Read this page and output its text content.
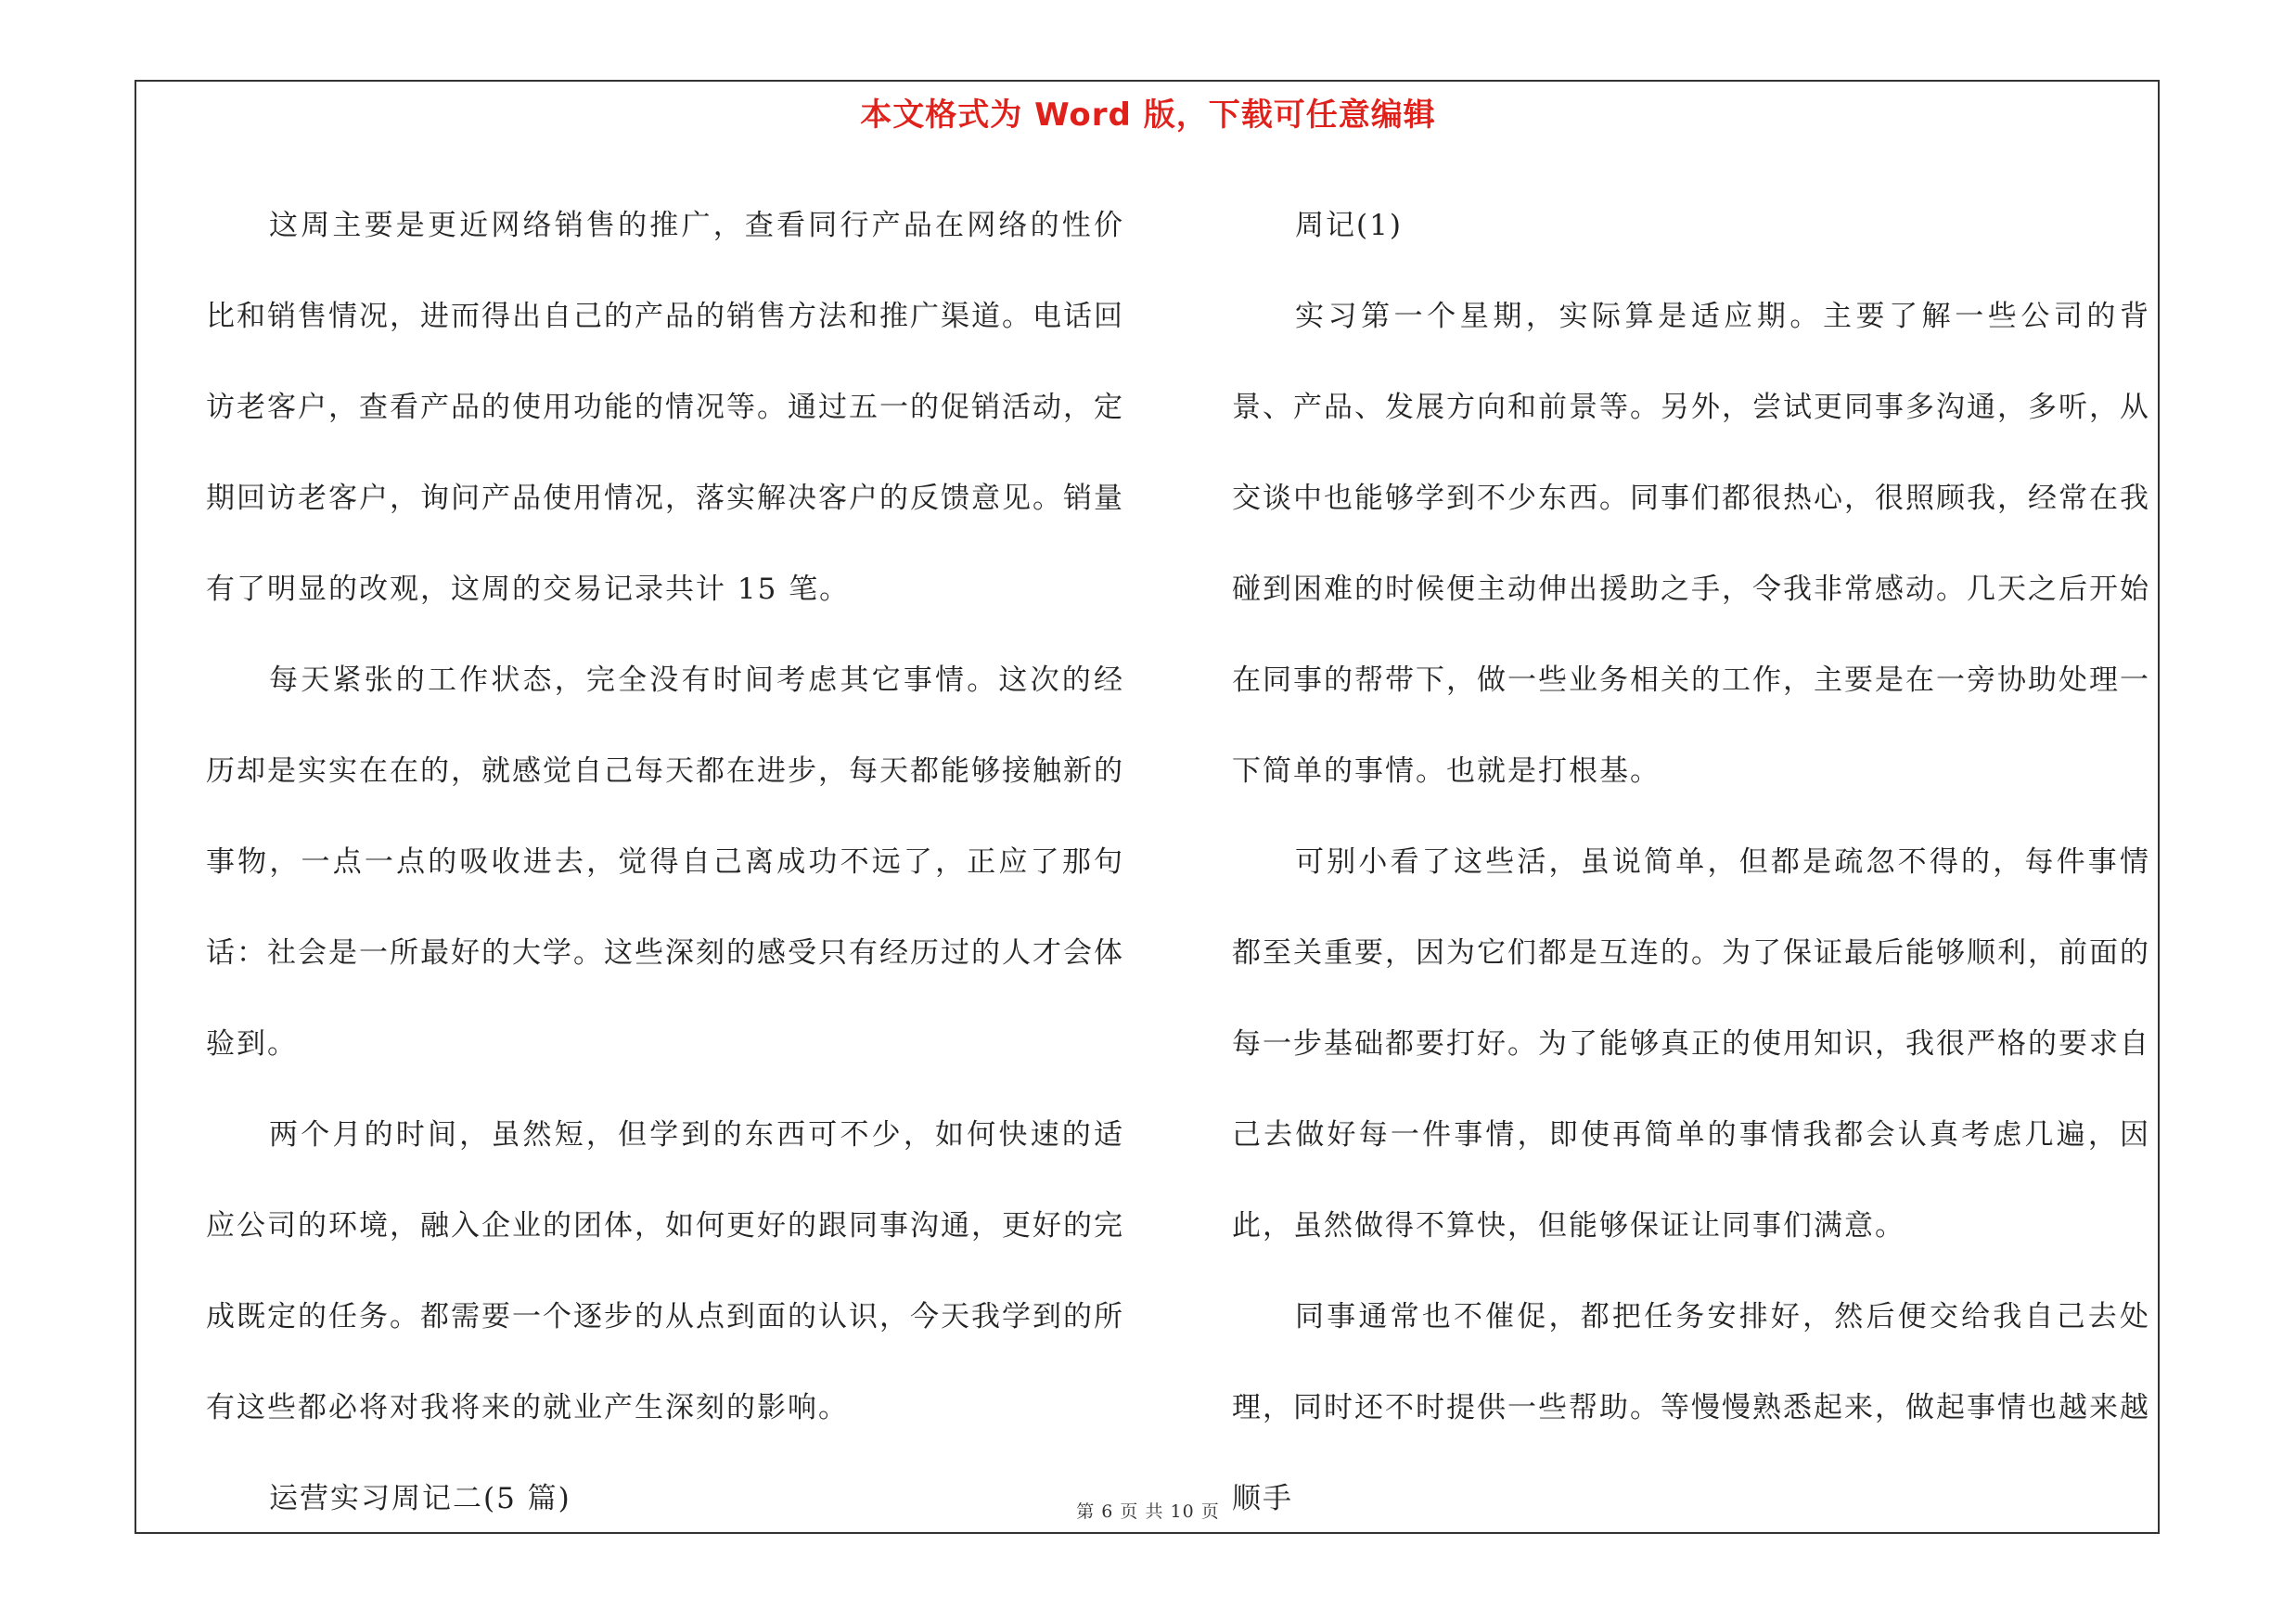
本文格式为 Word 版，下载可任意编辑

这周主要是更近网络销售的推广，查看同行产品在网络的性价比和销售情况，进而得出自己的产品的销售方法和推广渠道。电话回访老客户，查看产品的使用功能的情况等。通过五一的促销活动，定期回访老客户，询问产品使用情况，落实解决客户的反馈意见。销量有了明显的改观，这周的交易记录共计 15 笔。

每天紧张的工作状态，完全没有时间考虑其它事情。这次的经历却是实实在在的，就感觉自己每天都在进步，每天都能够接触新的事物，一点一点的吸收进去，觉得自己离成功不远了，正应了那句话：社会是一所最好的大学。这些深刻的感受只有经历过的人才会体验到。

两个月的时间，虽然短，但学到的东西可不少，如何快速的适应公司的环境，融入企业的团体，如何更好的跟同事沟通，更好的完成既定的任务。都需要一个逐步的从点到面的认识，今天我学到的所有这些都必将对我将来的就业产生深刻的影响。

运营实习周记二(5 篇)

周记(1)

实习第一个星期，实际算是适应期。主要了解一些公司的背景、产品、发展方向和前景等。另外，尝试更同事多沟通，多听，从交谈中也能够学到不少东西。同事们都很热心，很照顾我，经常在我碰到困难的时候便主动伸出援助之手，令我非常感动。几天之后开始在同事的帮带下，做一些业务相关的工作，主要是在一旁协助处理一下简单的事情。也就是打根基。

可别小看了这些活，虽说简单，但都是疏忽不得的，每件事情都至关重要，因为它们都是互连的。为了保证最后能够顺利，前面的每一步基础都要打好。为了能够真正的使用知识，我很严格的要求自己去做好每一件事情，即使再简单的事情我都会认真考虑几遍，因此，虽然做得不算快，但能够保证让同事们满意。

同事通常也不催促，都把任务安排好，然后便交给我自己去处理，同时还不时提供一些帮助。等慢慢熟悉起来，做起事情也越来越顺手

第 6 页 共 10 页
